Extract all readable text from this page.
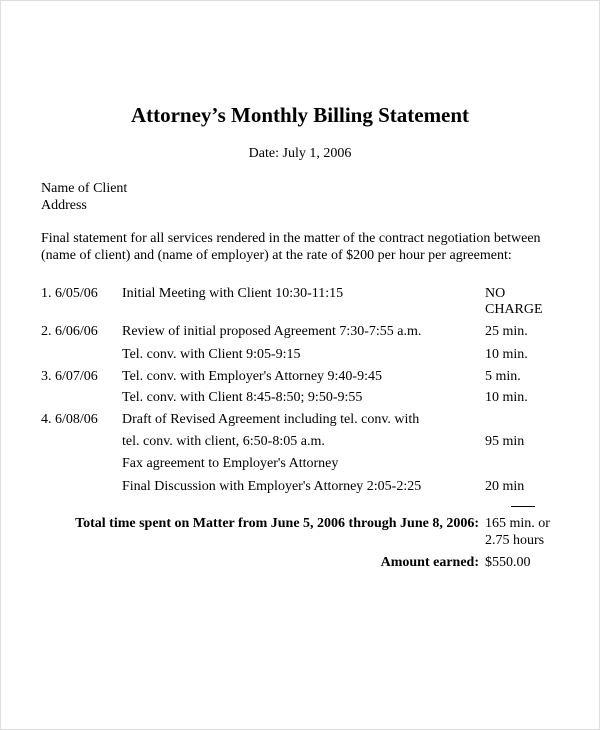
Attorney’s Monthly Billing Statement
Date: July 1, 2006
Name of Client
Address
Final statement for all services rendered in the matter of the contract negotiation between
(name of client) and (name of employer) at the rate of $200 per hour per agreement:
1. 6/05/06 Initial Meeting with Client 10:30-11:15	NO
CHARGE
2. 6/06/06 Review of initial proposed Agreement 7:30-7:55 a.m.	25 min.
Tel. conv. with Client 9:05-9:15	10 min.
3. 6/07/06 Tel. conv. with Employer's Attorney 9:40-9:45	5 min.
Tel. conv. with Client 8:45-8:50; 9:50-9:55	10 min.
4. 6/08/06 Draft of Revised Agreement including tel. conv. with
tel. conv. with client, 6:50-8:05 a.m.	95 min
Fax agreement to Employer's Attorney
Final Discussion with Employer's Attorney 2:05-2:25	20 min
Total time spent on Matter from June 5, 2006 through June 8, 2006: 165 min. or
2.75 hours
Amount earned: $550.00
